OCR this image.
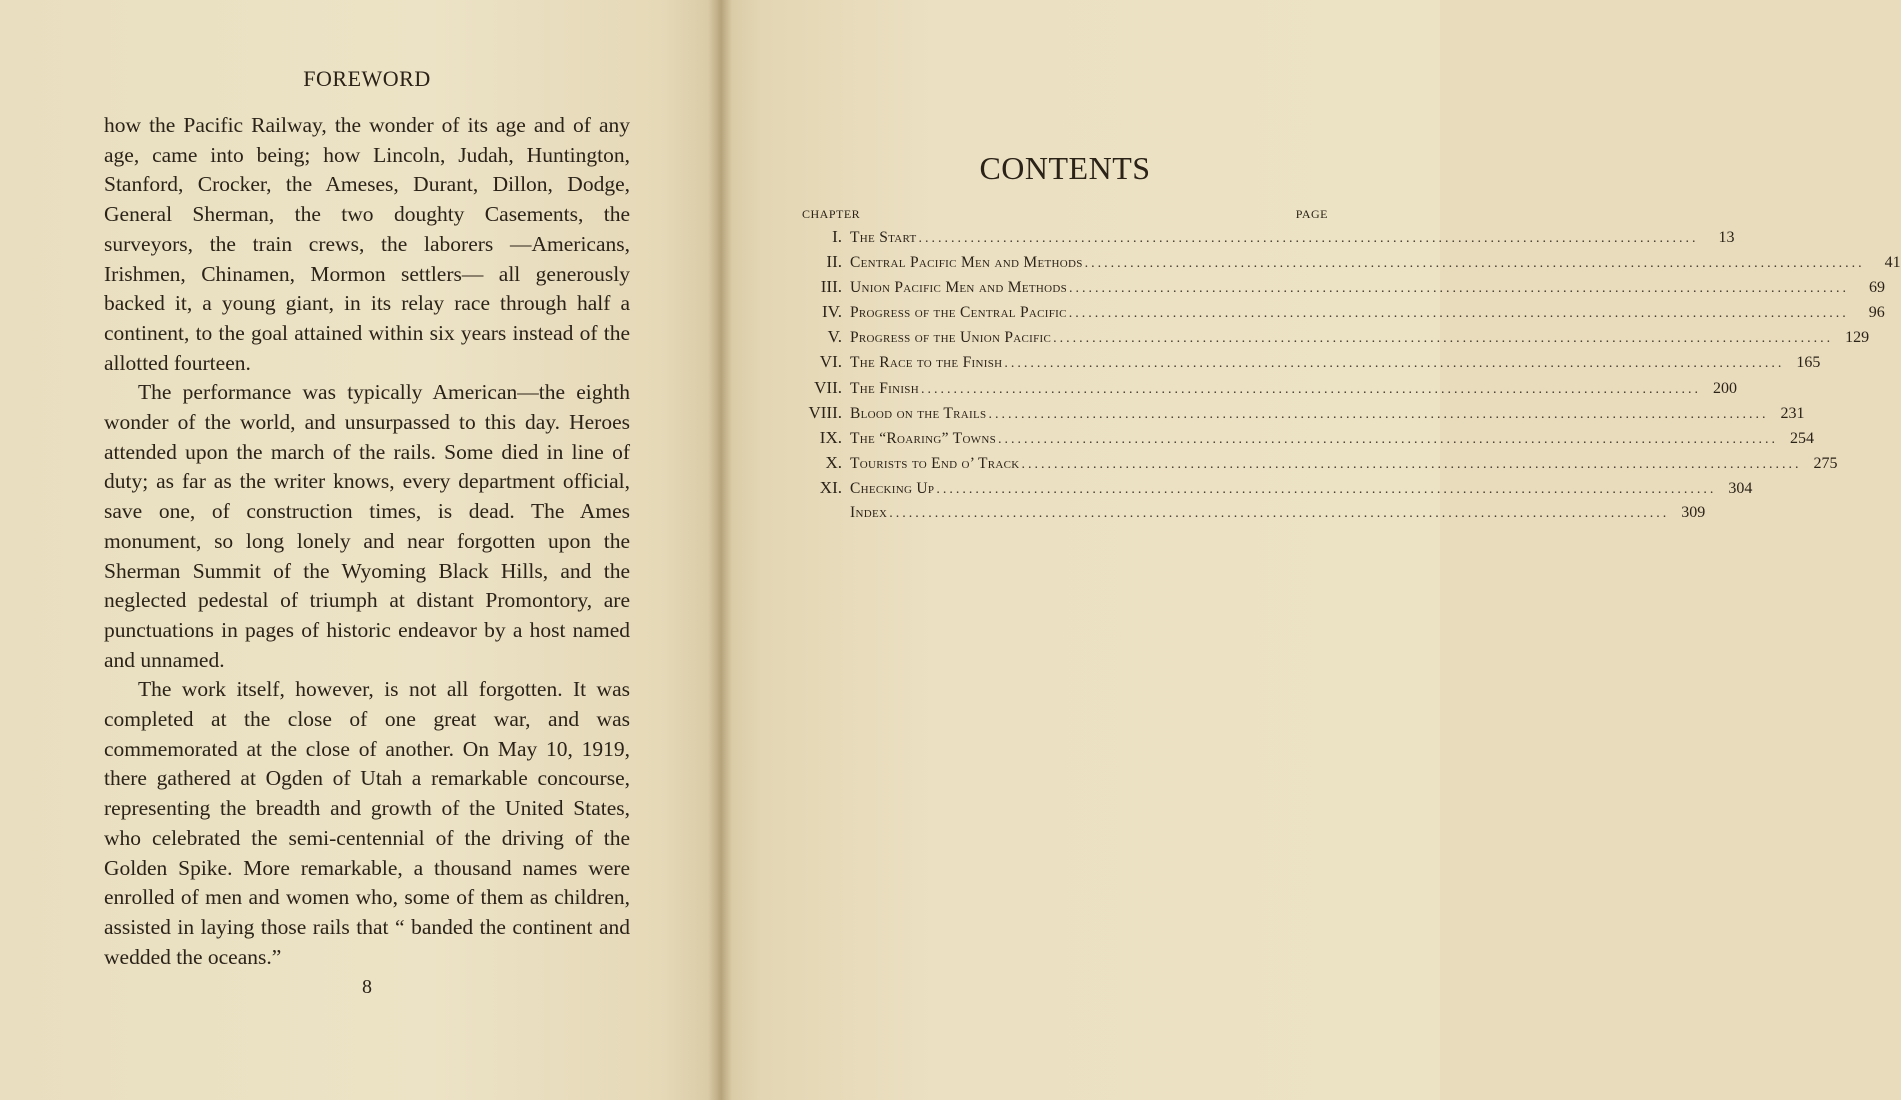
FOREWORD

how the Pacific Railway, the wonder of its age and of any age, came into being; how Lincoln, Judah, Huntington, Stanford, Crocker, the Ameses, Durant, Dillon, Dodge, General Sherman, the two doughty Casements, the surveyors, the train crews, the laborers —Americans, Irishmen, Chinamen, Mormon settlers— all generously backed it, a young giant, in its relay race through half a continent, to the goal attained within six years instead of the allotted fourteen.

The performance was typically American—the eighth wonder of the world, and unsurpassed to this day. Heroes attended upon the march of the rails. Some died in line of duty; as far as the writer knows, every department official, save one, of construction times, is dead. The Ames monument, so long lonely and near forgotten upon the Sherman Summit of the Wyoming Black Hills, and the neglected pedestal of triumph at distant Promontory, are punctuations in pages of historic endeavor by a host named and unnamed.

The work itself, however, is not all forgotten. It was completed at the close of one great war, and was commemorated at the close of another. On May 10, 1919, there gathered at Ogden of Utah a remarkable concourse, representing the breadth and growth of the United States, who celebrated the semi-centennial of the driving of the Golden Spike. More remarkable, a thousand names were enrolled of men and women who, some of them as children, assisted in laying those rails that “ banded the continent and wedded the oceans.”

8
CONTENTS
CHAPTER	PAGE
I. The Start ........................................................................................................................	13
II. Central Pacific Men and Methods ........................................................................................................................	41
III. Union Pacific Men and Methods ........................................................................................................................	69
IV. Progress of the Central Pacific ........................................................................................................................	96
V. Progress of the Union Pacific ........................................................................................................................ 129
VI. The Race to the Finish ........................................................................................................................ 165
VII. The Finish ........................................................................................................................ 200
VIII. Blood on the Trails ........................................................................................................................ 231
IX. The “Roaring” Towns ........................................................................................................................ 254
X. Tourists to End o’ Track ........................................................................................................................ 275
XI. Checking Up ........................................................................................................................ 304
Index ........................................................................................................................ 309
